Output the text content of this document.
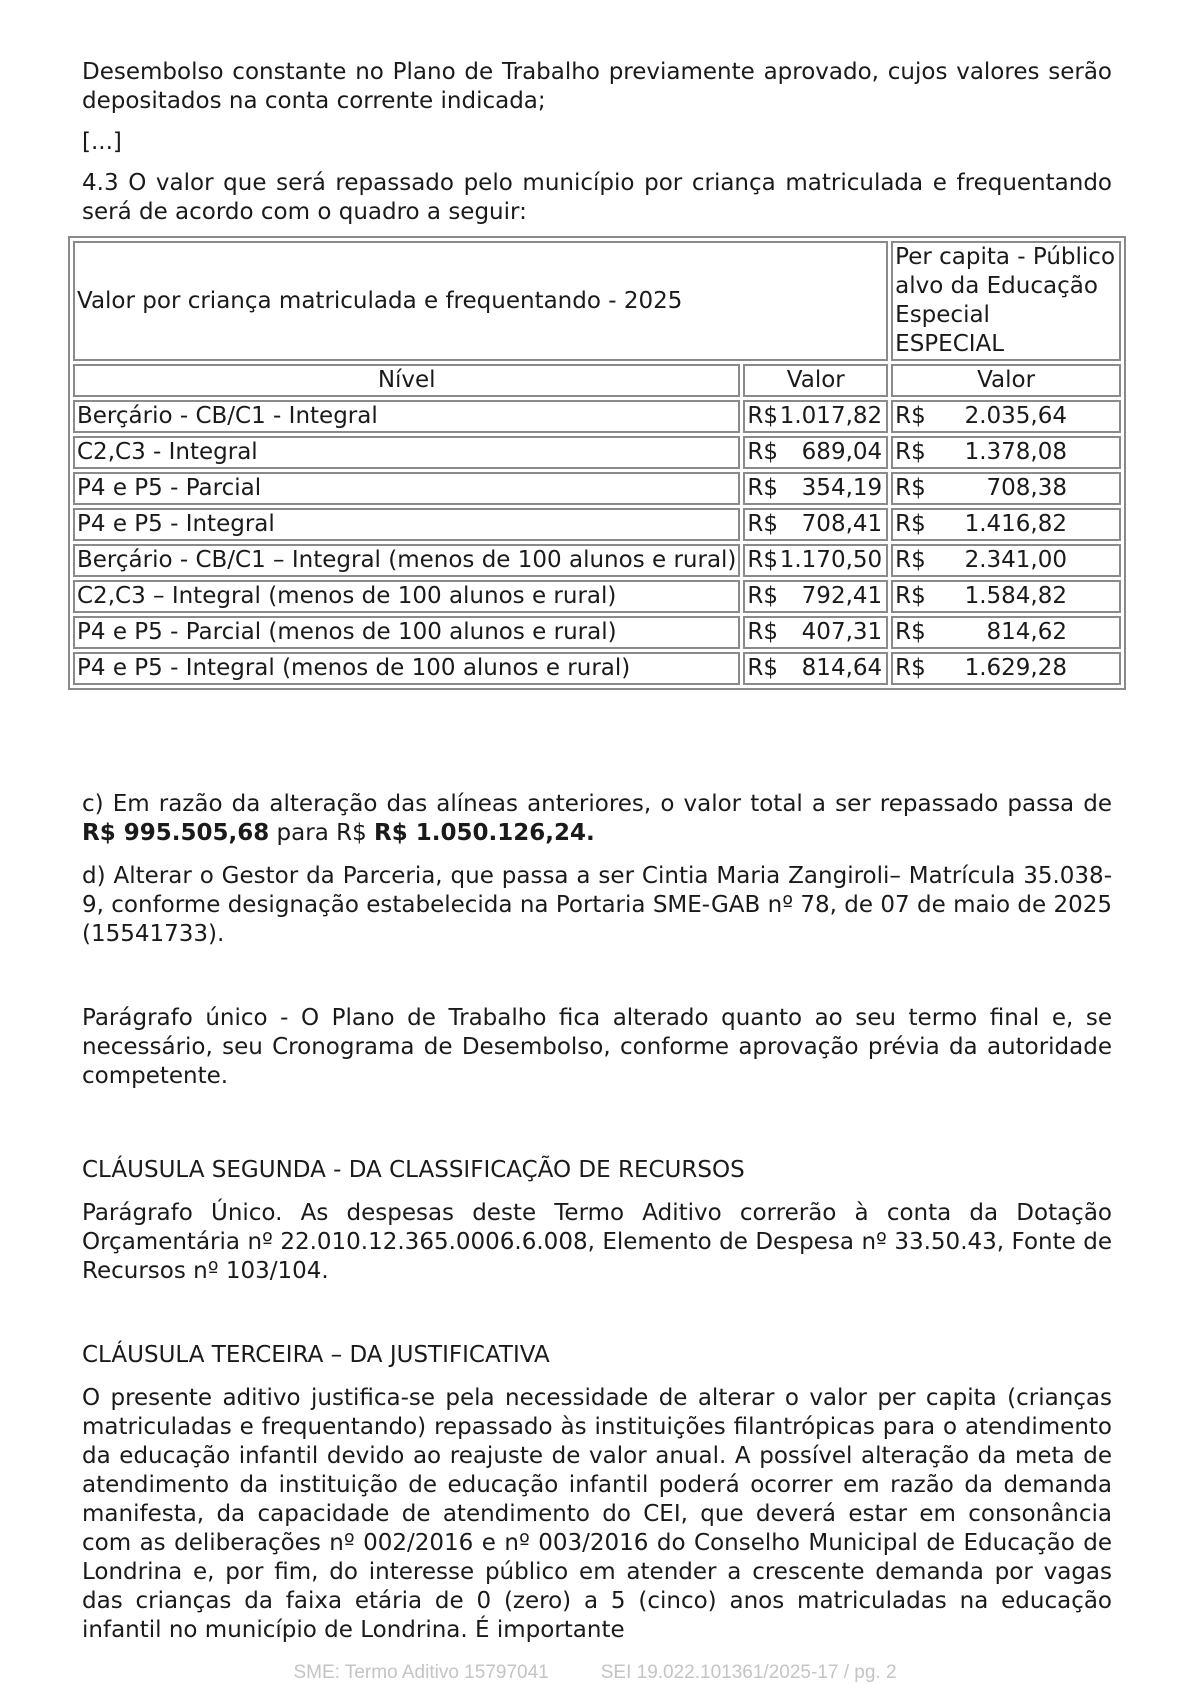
Desembolso constante no Plano de Trabalho previamente aprovado, cujos valores serão depositados na conta corrente indicada;

[...]

4.3 O valor que será repassado pelo município por criança matriculada e frequentando será de acordo com o quadro a seguir:

Valor por criança matriculada e frequentando - 2025		Per capita - Público
alvo da Educação
Especial
ESPECIAL

Nível	Valor	Valor
Berçário - CB/C1 - Integral	R$ 1.017,82	R$ 2.035,64

C2,C3 - Integral	R$ 689,04	R$ 1.378,08

P4 e P5 - Parcial	R$ 354,19	R$ 708,38

P4 e P5 - Integral	R$ 708,41	R$ 1.416,82

Berçário - CB/C1 – Integral (menos de 100 alunos e rural)	R$ 1.170,50	R$ 2.341,00

C2,C3 – Integral (menos de 100 alunos e rural)	R$ 792,41	R$ 1.584,82

P4 e P5 - Parcial (menos de 100 alunos e rural)	R$ 407,31	R$ 814,62

P4 e P5 - Integral (menos de 100 alunos e rural)	R$ 814,64	R$ 1.629,28

c) Em razão da alteração das alíneas anteriores, o valor total a ser repassado passa de R$ 995.505,68 para R$ R$ 1.050.126,24.

d) Alterar o Gestor da Parceria, que passa a ser Cintia Maria Zangiroli– Matrícula 35.038-9, conforme designação estabelecida na Portaria SME-GAB nº 78, de 07 de maio de 2025 (15541733).

Parágrafo único - O Plano de Trabalho fica alterado quanto ao seu termo final e, se necessário, seu Cronograma de Desembolso, conforme aprovação prévia da autoridade competente.

CLÁUSULA SEGUNDA - DA CLASSIFICAÇÃO DE RECURSOS

Parágrafo Único. As despesas deste Termo Aditivo correrão à conta da Dotação Orçamentária nº 22.010.12.365.0006.6.008, Elemento de Despesa nº 33.50.43, Fonte de Recursos nº 103/104.

CLÁUSULA TERCEIRA – DA JUSTIFICATIVA

O presente aditivo justifica-se pela necessidade de alterar o valor per capita (crianças matriculadas e frequentando) repassado às instituições filantrópicas para o atendimento da educação infantil devido ao reajuste de valor anual. A possível alteração da meta de atendimento da instituição de educação infantil poderá ocorrer em razão da demanda manifesta, da capacidade de atendimento do CEI, que deverá estar em consonância com as deliberações nº 002/2016 e nº 003/2016 do Conselho Municipal de Educação de Londrina e, por fim, do interesse público em atender a crescente demanda por vagas das crianças da faixa etária de 0 (zero) a 5 (cinco) anos matriculadas na educação infantil no município de Londrina. É importante

SME: Termo Aditivo 15797041	SEI 19.022.101361/2025-17 / pg. 2
